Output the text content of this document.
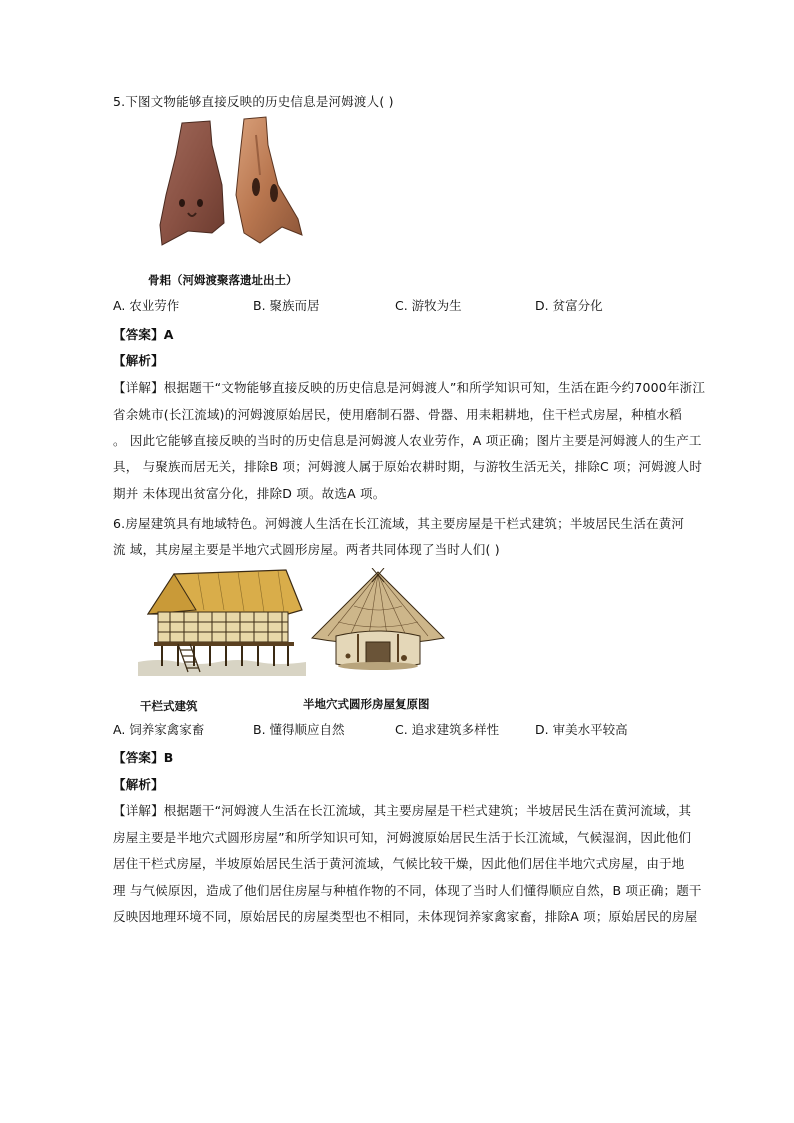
5.下图文物能够直接反映的历史信息是河姆渡人( )
骨耜（河姆渡聚落遗址出土）
A. 农业劳作	B. 聚族而居	C. 游牧为生	D. 贫富分化
【答案】A
【解析】
【详解】根据题干“文物能够直接反映的历史信息是河姆渡人”和所学知识可知，生活在距今约7000年浙江
省余姚市(长江流域)的河姆渡原始居民，使用磨制石器、骨器、用耒耜耕地，住干栏式房屋，种植水稻
。 因此它能够直接反映的当时的历史信息是河姆渡人农业劳作，A 项正确；图片主要是河姆渡人的生产工
具， 与聚族而居无关，排除B 项；河姆渡人属于原始农耕时期，与游牧生活无关，排除C 项；河姆渡人时
期并 未体现出贫富分化，排除D 项。故选A 项。
6.房屋建筑具有地域特色。河姆渡人生活在长江流域，其主要房屋是干栏式建筑；半坡居民生活在黄河
流 域，其房屋主要是半地穴式圆形房屋。两者共同体现了当时人们( )
干栏式建筑	半地穴式圆形房屋复原图
A. 饲养家禽家畜	B. 懂得顺应自然	C. 追求建筑多样性	D. 审美水平较高
【答案】B
【解析】
【详解】根据题干“河姆渡人生活在长江流域，其主要房屋是干栏式建筑；半坡居民生活在黄河流域，其
房屋主要是半地穴式圆形房屋”和所学知识可知，河姆渡原始居民生活于长江流域，气候湿润，因此他们
居住干栏式房屋，半坡原始居民生活于黄河流域，气候比较干燥，因此他们居住半地穴式房屋，由于地
理 与气候原因，造成了他们居住房屋与种植作物的不同，体现了当时人们懂得顺应自然，B 项正确；题干
反映因地理环境不同，原始居民的房屋类型也不相同，未体现饲养家禽家畜，排除A 项；原始居民的房屋
